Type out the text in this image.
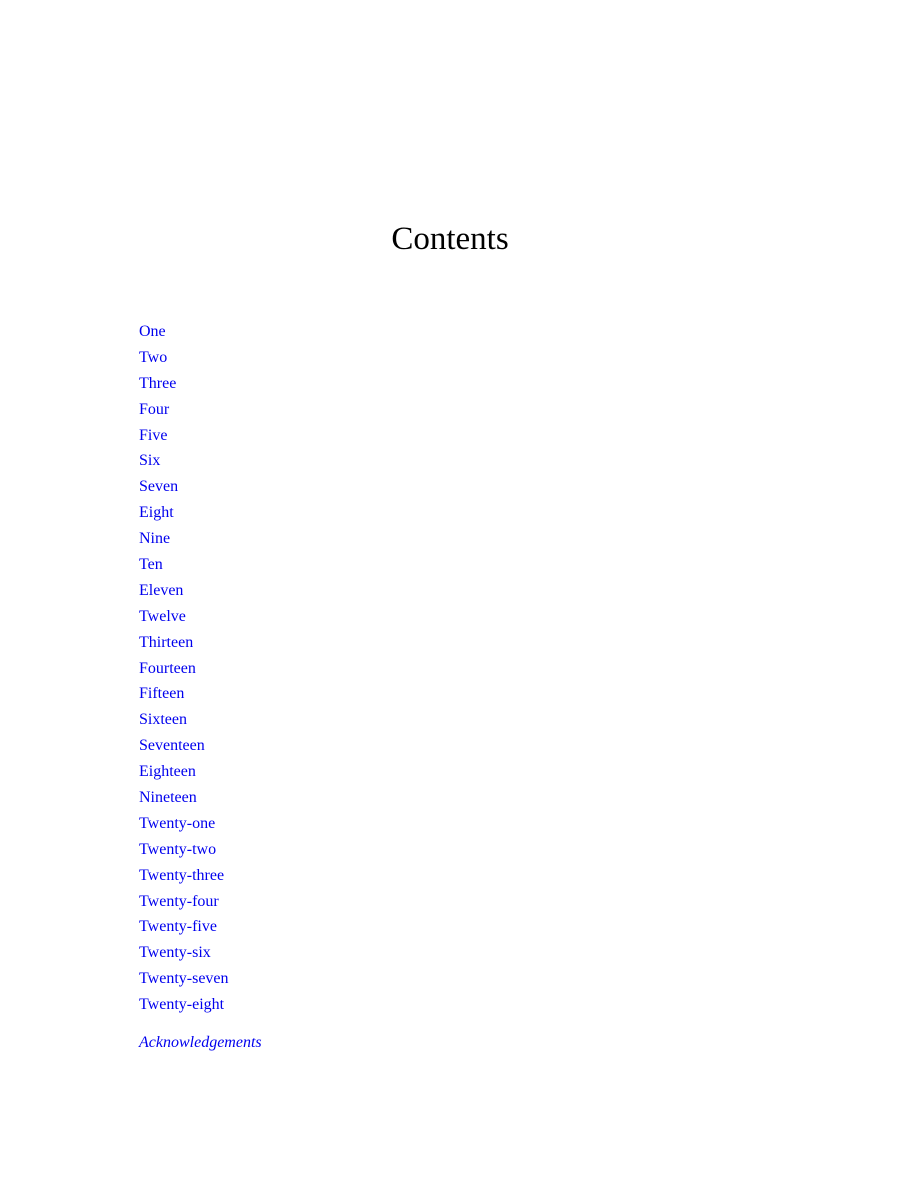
Contents
One
Two
Three
Four
Five
Six
Seven
Eight
Nine
Ten
Eleven
Twelve
Thirteen
Fourteen
Fifteen
Sixteen
Seventeen
Eighteen
Nineteen
Twenty-one
Twenty-two
Twenty-three
Twenty-four
Twenty-five
Twenty-six
Twenty-seven
Twenty-eight
Acknowledgements
